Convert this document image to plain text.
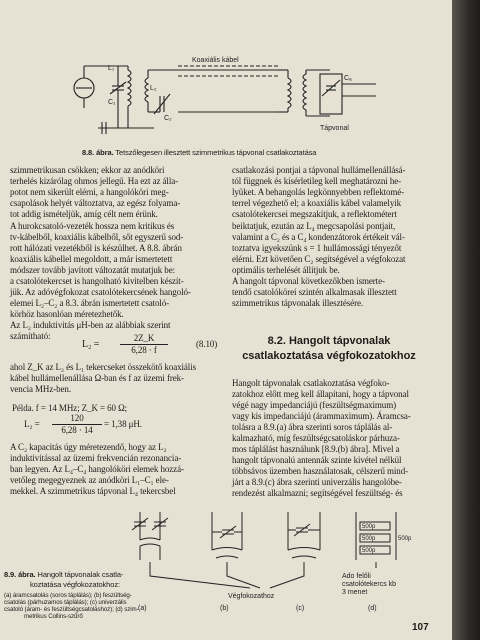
Koaxiális kábel
Tápvonal
L₁
L₂
C₁
C₂
Cₐ
8.8. ábra. Tetszőlegesen illesztett szimmetrikus tápvonal csatlakoztatása
szimmetrikusan csökken; ekkor az anódköri
terhelés kizárólag ohmos jellegű. Ha ezt az álla-
potot nem sikerült elérni, a hangolóköri meg-
csapolások helyét változtatva, az egész folyama-
tot addig ismételjük, amíg célt nem érünk.
A hurokcsatoló-vezeték hossza nem kritikus és
tv-kábelből, koaxiális kábelből, sőt egyszerű sod-
rott hálózati vezetékből is készülhet. A 8.8. ábrán
koaxiális kábellel megoldott, a már ismertetett
módszer tovább javított változatát mutatjuk be:
a csatolótekercset is hangolható kivitelben készít-
jük. Az adóvégfokozat csatolótekercsének hangoló-
elemei L₂–C₂ a 8.3. ábrán ismertetett csatoló-
körhöz hasonlóan méretezhetők.
Az L₂ induktivitás μH-ben az alábbiak szerint
számítható:
L₂ =
2Z_K
6,28 · f
(8.10)
ahol Z_K az L₂ és L₁ tekercseket összekötő koaxiális
kábel hullámellenállása Ω-ban és f az üzemi frek-
vencia MHz-ben.
Példa. f = 14 MHz; Z_K = 60 Ω;
L₂ =
120
6,28 · 14
= 1,38 μH.
A C₂ kapacitás úgy méretezendő, hogy az L₂
induktivitással az üzemi frekvencián rezonancia-
ban legyen. Az L₄–C₄ hangolóköri elemek hozzá-
vetőleg megegyeznek az anódköri L₁–C₁ ele-
mekkel. A szimmetrikus tápvonal L₄ tekercsbel
csatlakozási pontjai a tápvonal hullámellenállásá-
tól függnek és kísérletileg kell meghatározni he-
lyüket. A behangolás legkönnyebben reflektomé-
terrel végezhető el; a koaxiális kábel valamelyik
csatolótekercsei megszakítjuk, a reflektométert
beiktatjuk, ezután az L₄ megcsapolási pontjait,
valamint a C₂ és a C₄ kondenzátorok értékeit vál-
toztatva igyekszünk s = 1 hullámossági tényezőt
elérni. Ezt követően C₂ segítségével a végfokozat
optimális terhelését állítjuk be.
A hangolt tápvonal következőkben ismerte-
tendő csatolóköreí szintén alkalmasak illesztett
szimmetrikus tápvonalak illesztésére.
8.2. Hangolt tápvonalak csatlakoztatása végfokozatokhoz
Hangolt tápvonalak csatlakoztatása végfoko-
zatokhoz előtt meg kell állapítani, hogy a tápvonal
végé nagy impedanciájú (feszültségmaximum)
vagy kis impedanciájú (árammaximum). Áramcsa-
tolásra a 8.9.(a) ábra szerinti soros táplálás al-
kalmazható, míg feszültségcsatoláskor párhuza-
mos táplálást használunk [8.9.(b) ábra]. Mivel a
hangolt tápvonalú antennák szinte kivétel nélkül
többsávos üzemben használatosak, célszerű mind-
járt a 8.9.(c) ábra szerinti univerzális hangolóbe-
rendezést alkalmazni; segítségével feszültség- és
(a)	(b)	(c)	(d)
Végfokozathoz
500p
500p
500p
500p
Ado felőli
csatolótekercs kb
3 menet
8.9. ábra. Hangolt tápvonalak csatla-
koztatása végfokozatokhoz:
(a) áramcsatolás (soros táplálás); (b) feszültség-
csatolás (párhuzamos táplálás); (c) univerzális
csatoló (áram- és feszültségcsatoláshoz); (d) szim-
metrikus Collins-szűrő
107
